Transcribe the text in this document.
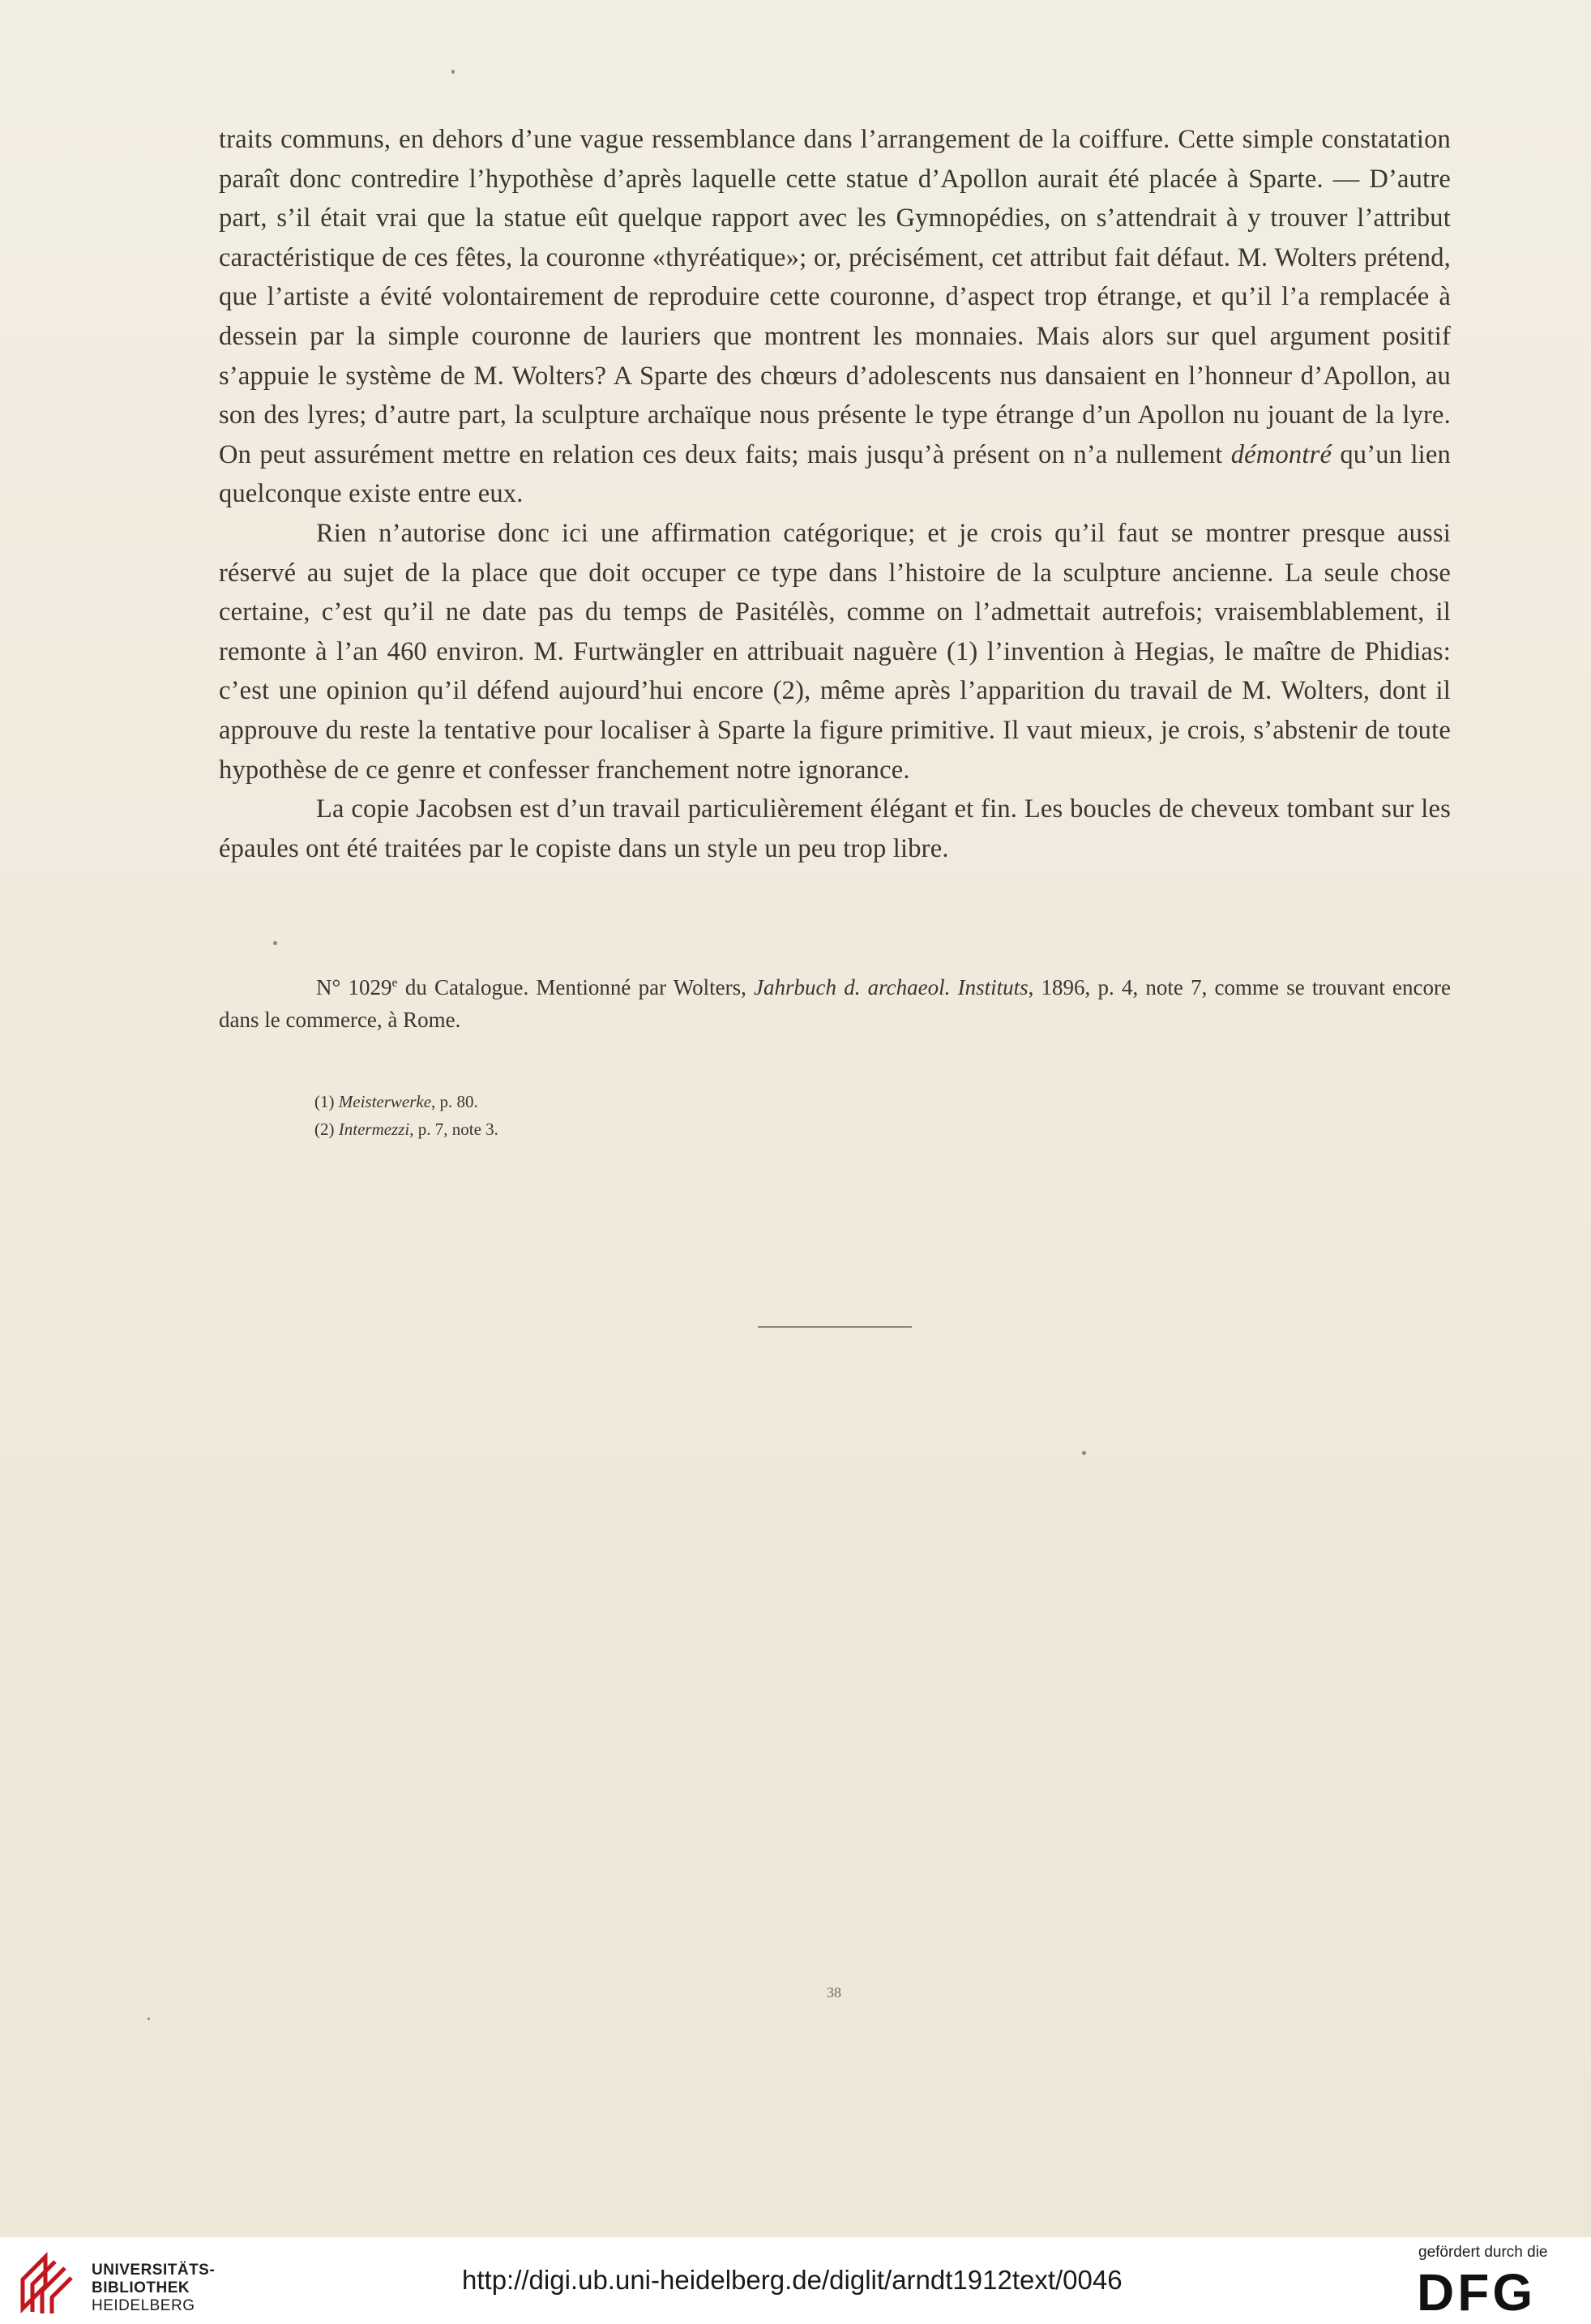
traits communs, en dehors d’une vague ressemblance dans l’arrangement de la coiffure. Cette simple constatation paraît donc contredire l’hypothèse d’après laquelle cette statue d’Apollon aurait été placée à Sparte. — D’autre part, s’il était vrai que la statue eût quelque rapport avec les Gymnopédies, on s’attendrait à y trouver l’attribut caractéristique de ces fêtes, la couronne «thyréatique»; or, précisément, cet attribut fait défaut. M. Wolters prétend, que l’artiste a évité volontairement de reproduire cette couronne, d’aspect trop étrange, et qu’il l’a remplacée à dessein par la simple couronne de lauriers que montrent les monnaies. Mais alors sur quel argument positif s’appuie le système de M. Wolters? A Sparte des chœurs d’adolescents nus dansaient en l’honneur d’Apollon, au son des lyres; d’autre part, la sculpture archaïque nous présente le type étrange d’un Apollon nu jouant de la lyre. On peut assurément mettre en relation ces deux faits; mais jusqu’à présent on n’a nullement démontré qu’un lien quelconque existe entre eux.

Rien n’autorise donc ici une affirmation catégorique; et je crois qu’il faut se montrer presque aussi réservé au sujet de la place que doit occuper ce type dans l’histoire de la sculpture ancienne. La seule chose certaine, c’est qu’il ne date pas du temps de Pasitélès, comme on l’admettait autrefois; vraisemblablement, il remonte à l’an 460 environ. M. Furtwängler en attribuait naguère (1) l’invention à Hegias, le maître de Phidias: c’est une opinion qu’il défend aujourd’hui encore (2), même après l’apparition du travail de M. Wolters, dont il approuve du reste la tentative pour localiser à Sparte la figure primitive. Il vaut mieux, je crois, s’abstenir de toute hypothèse de ce genre et confesser franchement notre ignorance.

La copie Jacobsen est d’un travail particulièrement élégant et fin. Les boucles de cheveux tombant sur les épaules ont été traitées par le copiste dans un style un peu trop libre.

N° 1029e du Catalogue. Mentionné par Wolters, Jahrbuch d. archaeol. Instituts, 1896, p. 4, note 7, comme se trouvant encore dans le commerce, à Rome.

(1) Meisterwerke, p. 80.
(2) Intermezzi, p. 7, note 3.
38
UNIVERSITÄTS-
BIBLIOTHEK
HEIDELBERG
http://digi.ub.uni-heidelberg.de/diglit/arndt1912text/0046
gefördert durch die
DFG
